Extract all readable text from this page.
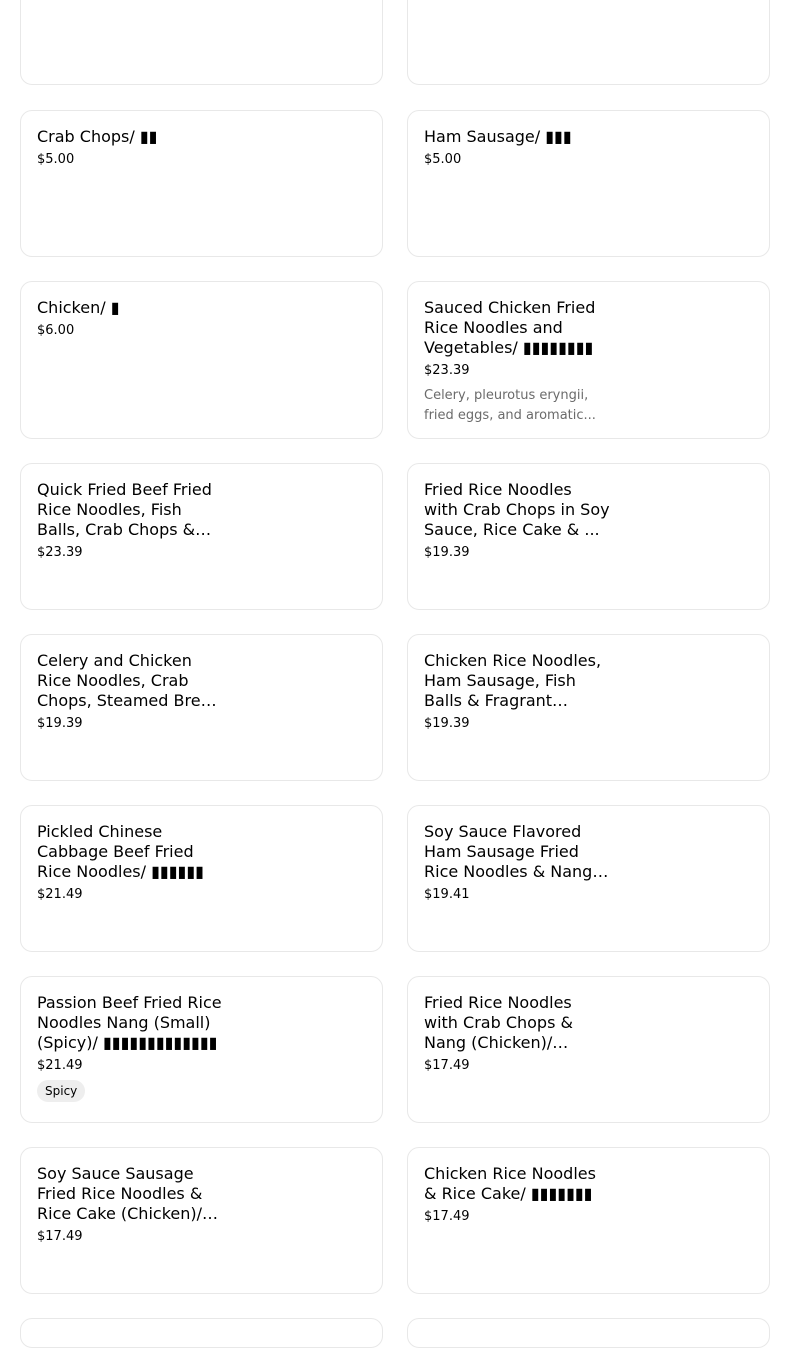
Crab Chops/ ▮▮
$5.00
Ham Sausage/ ▮▮▮
$5.00
Chicken/ ▮
$6.00
Sauced Chicken Fried Rice Noodles and Vegetables/ ▮▮▮▮▮▮▮▮
$23.39
Celery, pleurotus eryngii, fried eggs, and aromatic...
Quick Fried Beef Fried Rice Noodles, Fish Balls, Crab Chops &
$23.39
Fried Rice Noodles with Crab Chops in Soy Sauce, Rice Cake & ...
$19.39
Celery and Chicken Rice Noodles, Crab Chops, Steamed Bread
$19.39
Chicken Rice Noodles, Ham Sausage, Fish Balls & Fragrant
$19.39
Pickled Chinese Cabbage Beef Fried Rice Noodles/ ▮▮▮▮▮▮
$21.49
Soy Sauce Flavored Ham Sausage Fried Rice Noodles & Nang/
$19.41
Passion Beef Fried Rice Noodles Nang (Small) (Spicy)/ ▮▮▮▮▮▮▮▮▮▮▮▮▮
$21.49
Spicy
Fried Rice Noodles with Crab Chops & Nang (Chicken)/
$17.49
Soy Sauce Sausage Fried Rice Noodles & Rice Cake (Chicken)/
$17.49
Chicken Rice Noodles & Rice Cake/ ▮▮▮▮▮▮▮
$17.49
